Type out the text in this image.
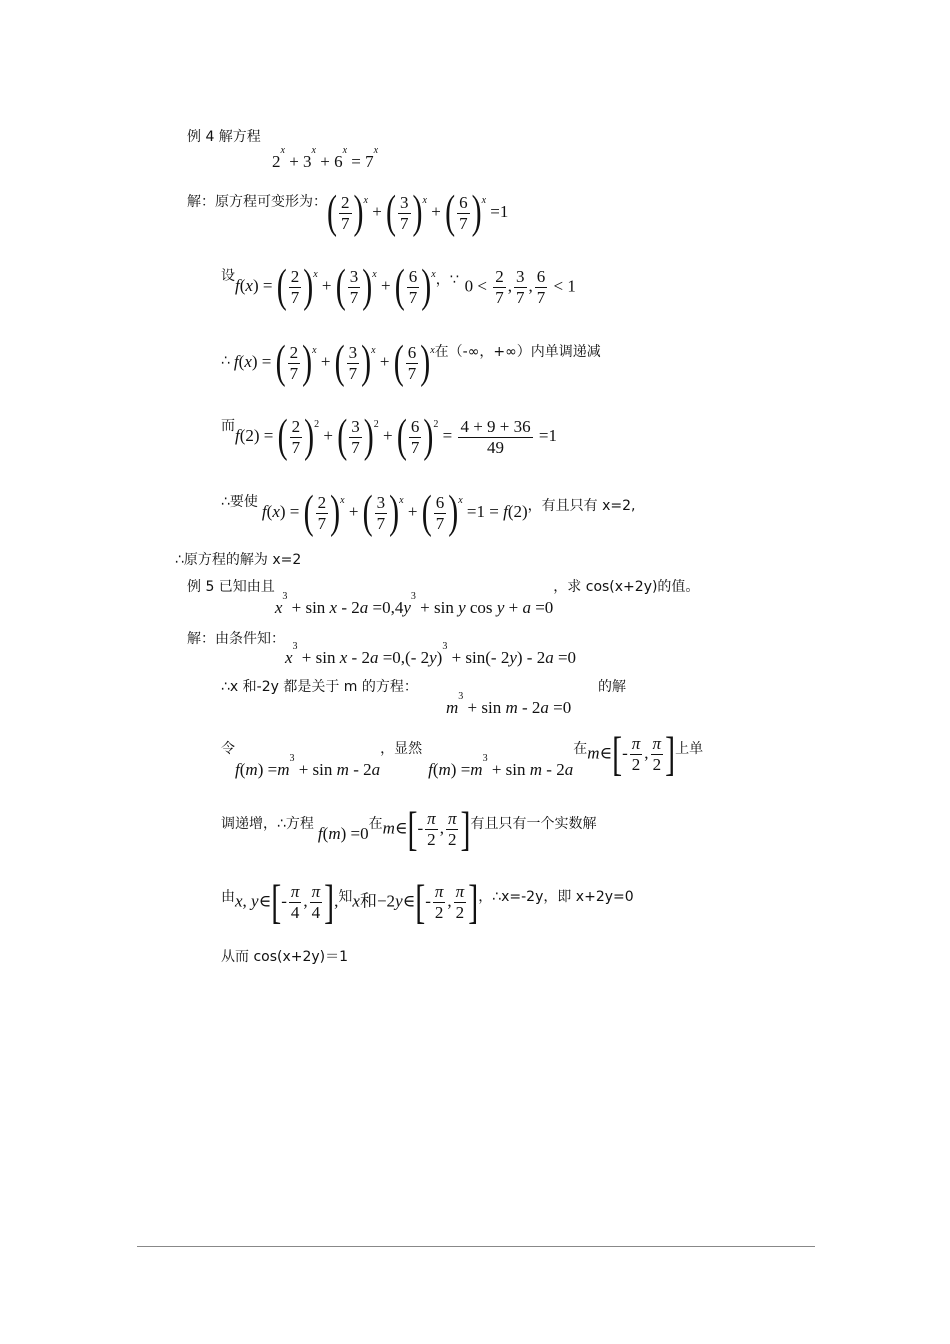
例 4 解方程
$2^x + 3^x + 6^x = 7^x$
解：原方程可变形为： ( $\frac{2}{7} )^x$ + ( $\frac{3}{7} )^x$ + ( $\frac{6}{7} )^x =1$
设
f(x) = ( $\frac{2}{7} )^x$ + ( $\frac{3}{7} )^x$ + ( $\frac{6}{7} )^x$ ，∵ $0 < \frac{2}{7}$ , $\frac{3}{7}$ , $\frac{6}{7} < 1$
∴ f(x) = ( $\frac{2}{7} )^x$ + ( $\frac{3}{7} )^x$ + ( $\frac{6}{7} )^x$ 在（-∞，+∞）内单调递减
而
f(2) = ( $\frac{2}{7} )^2$ + ( $\frac{3}{7} )^2$ + ( $\frac{6}{7} )^2 = \frac{4 + 9 + 36}{49} =1$
∴要使
f(x) = ( $\frac{2}{7} )^x$ + ( $\frac{3}{7} )^x$ + ( $\frac{6}{7} )^x =1 = f(2)$ ，有且只有 x=2,
∴原方程的解为 x=2
例 5 已知由且
$x^3 + \sin x - 2a =0,4y^3 + \sin y$ cos y + a =0
，求 cos(x+2y)的值。
解：由条件知：
$x^3 + \sin x - 2a =0,(-$ 2y)$^3$ + sin(- 2y) - 2a =0
∴x 和-2y 都是关于 m 的方程：
$m^3 + \sin m - 2a =0$
的解
令
$f(m) =m^3 + \sin m - 2a$
，显然
$f(m) =m^3 + \sin m - 2a$
在 m∈[- $\frac{\pi}{2}$ , $\frac{\pi}{2}$ ] 上单
调递增，∴方程 f(m) =0 在 m∈[- $\frac{\pi}{2}$ , $\frac{\pi}{2}$ ] 有且只有一个实数解
由 x, y∈[- $\frac{\pi}{4}$ , $\frac{\pi}{4}$ ], 知 x和−2y∈[- $\frac{\pi}{2}$ , $\frac{\pi}{2}$ ] ，∴x=-2y，即 x+2y=0
从而 cos(x+2y)＝1
